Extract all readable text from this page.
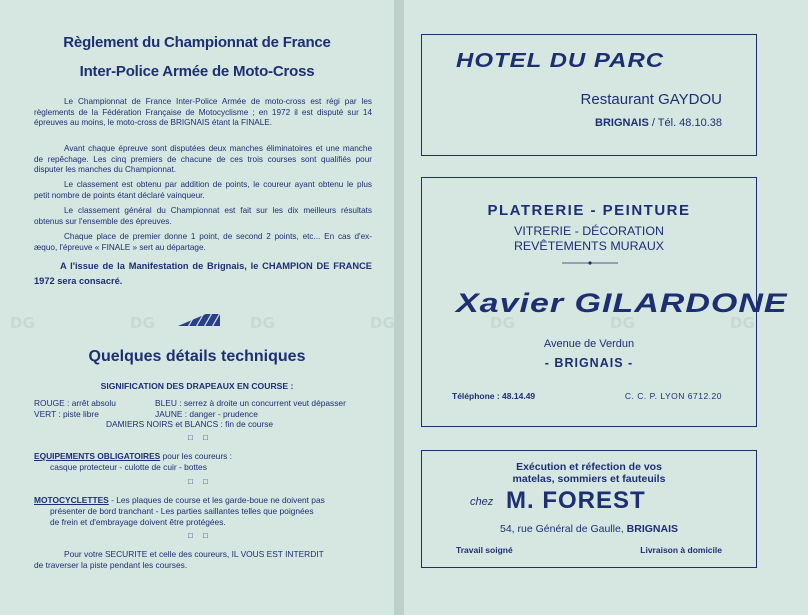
Règlement du Championnat de France
Inter-Police Armée de Moto-Cross
Le Championnat de France Inter-Police Armée de moto-cross est régi par les règlements de la Fédération Française de Motocyclisme ; en 1972 il est disputé sur 14 épreuves au moins, le moto-cross de BRIGNAIS étant la FINALE.
Avant chaque épreuve sont disputées deux manches éliminatoires et une manche de repêchage. Les cinq premiers de chacune de ces trois courses sont qualifiés pour disputer les manches du Championnat.
Le classement est obtenu par addition de points, le coureur ayant obtenu le plus petit nombre de points étant déclaré vainqueur.
Le classement général du Championnat est fait sur les dix meilleurs résultats obtenus sur l'ensemble des épreuves.
Chaque place de premier donne 1 point, de second 2 points, etc... En cas d'ex-æquo, l'épreuve « FINALE » sert au départage.
A l'issue de la Manifestation de Brignais, le CHAMPION DE FRANCE 1972 sera consacré.
Quelques détails techniques
SIGNIFICATION DES DRAPEAUX EN COURSE :
ROUGE : arrêt absolu	BLEU : serrez à droite un concurrent veut dépasser
VERT : piste libre	JAUNE : danger - prudence
DAMIERS NOIRS et BLANCS : fin de course
□ □
EQUIPEMENTS OBLIGATOIRES pour les coureurs :
casque protecteur - culotte de cuir - bottes
□ □
MOTOCYCLETTES - Les plaques de course et les garde-boue ne doivent pas
présenter de bord tranchant - Les parties saillantes telles que poignées
de frein et d'embrayage doivent être protégées.
□ □
Pour votre SECURITE et celle des coureurs, IL VOUS EST INTERDIT
de traverser la piste pendant les courses.
DG	DG	DG	DG	DG	DG	DG
HOTEL DU PARC
Restaurant GAYDOU
BRIGNAIS / Tél. 48.10.38
PLATRERIE - PEINTURE
VITRERIE - DÉCORATION
REVÊTEMENTS MURAUX
Xavier GILARDONE
Avenue de Verdun
- BRIGNAIS -
Téléphone : 48.14.49	C. C. P. LYON 6712.20
Exécution et réfection de vos
matelas, sommiers et fauteuils
chez M. FOREST
54, rue Général de Gaulle, BRIGNAIS
Travail soigné	Livraison à domicile
